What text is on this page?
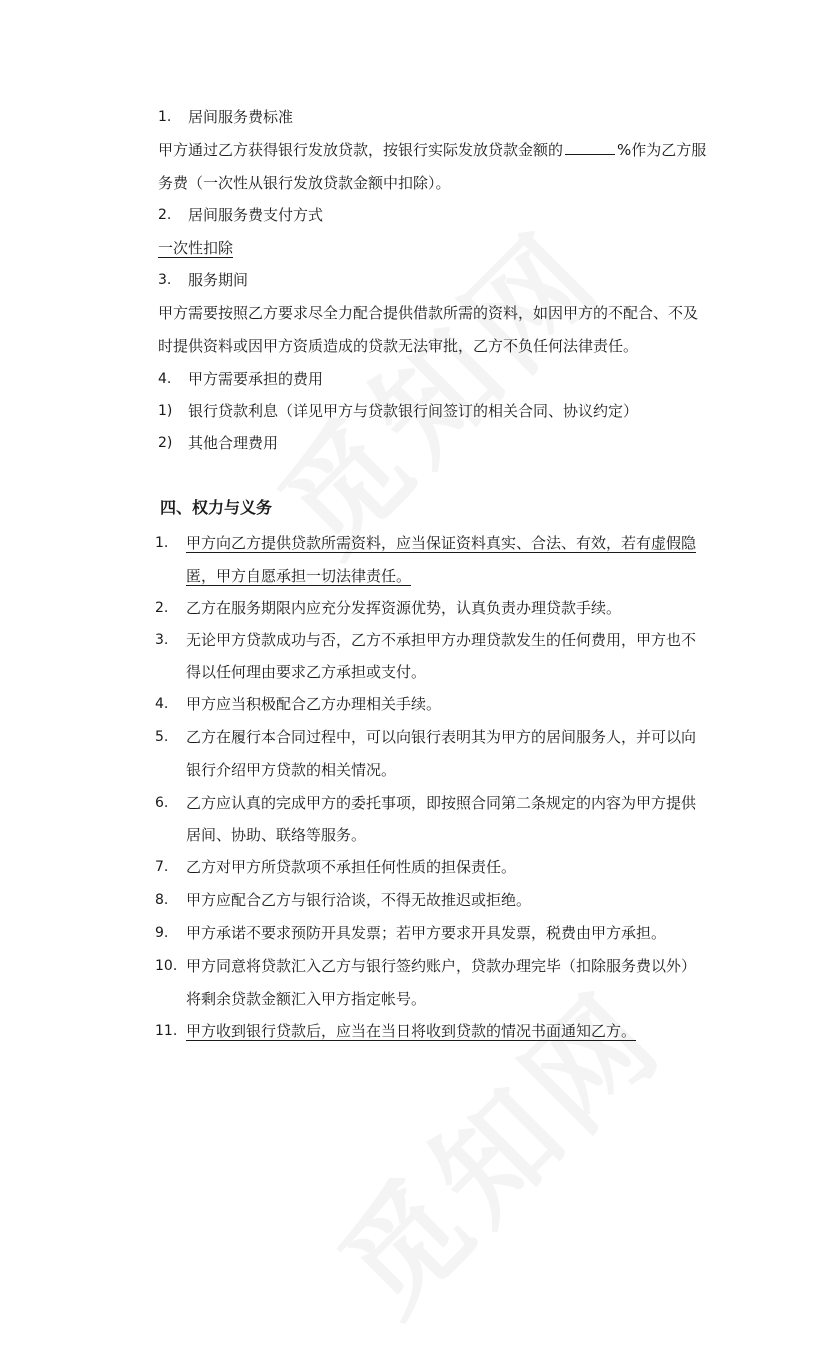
1. 居间服务费标准
甲方通过乙方获得银行发放贷款，按银行实际发放贷款金额的	%作为乙方服
务费（一次性从银行发放贷款金额中扣除）。
2. 居间服务费支付方式
一次性扣除
3. 服务期间
甲方需要按照乙方要求尽全力配合提供借款所需的资料，如因甲方的不配合、不及
时提供资料或因甲方资质造成的贷款无法审批，乙方不负任何法律责任。
4. 甲方需要承担的费用
1) 银行贷款利息（详见甲方与贷款银行间签订的相关合同、协议约定）
2) 其他合理费用
四、权力与义务
1. 甲方向乙方提供贷款所需资料，应当保证资料真实、合法、有效，若有虚假隐
匿，甲方自愿承担一切法律责任。
2. 乙方在服务期限内应充分发挥资源优势，认真负责办理贷款手续。
3. 无论甲方贷款成功与否，乙方不承担甲方办理贷款发生的任何费用，甲方也不
得以任何理由要求乙方承担或支付。
4. 甲方应当积极配合乙方办理相关手续。
5. 乙方在履行本合同过程中，可以向银行表明其为甲方的居间服务人，并可以向
银行介绍甲方贷款的相关情况。
6. 乙方应认真的完成甲方的委托事项，即按照合同第二条规定的内容为甲方提供
居间、协助、联络等服务。
7. 乙方对甲方所贷款项不承担任何性质的担保责任。
8. 甲方应配合乙方与银行洽谈，不得无故推迟或拒绝。
9. 甲方承诺不要求预防开具发票；若甲方要求开具发票，税费由甲方承担。
10. 甲方同意将贷款汇入乙方与银行签约账户，贷款办理完毕（扣除服务费以外）
将剩余贷款金额汇入甲方指定帐号。
11. 甲方收到银行贷款后，应当在当日将收到贷款的情况书面通知乙方。
